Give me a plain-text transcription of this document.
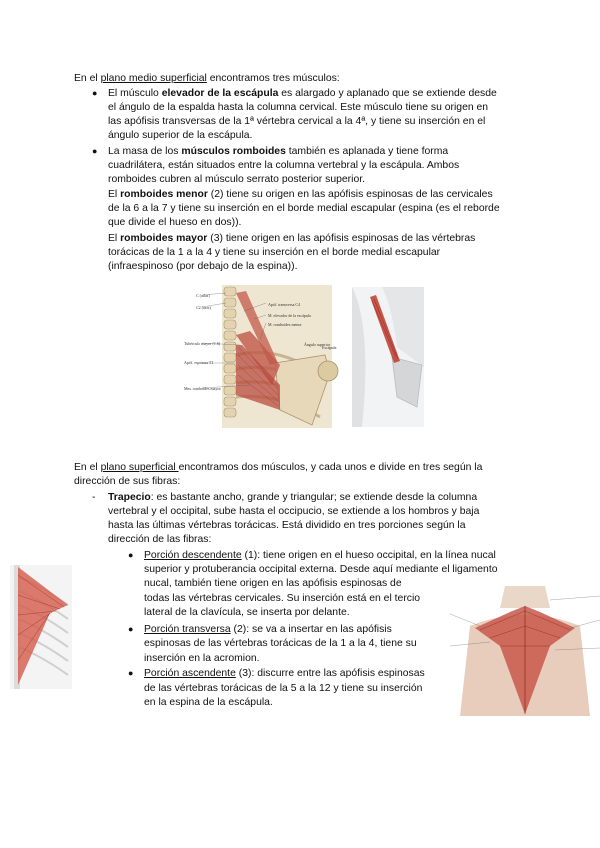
En el plano medio superficial encontramos tres músculos:
● El músculo elevador de la escápula es alargado y aplanado que se extiende desde
el ángulo de la espalda hasta la columna cervical. Este músculo tiene su origen en
las apófisis transversas de la 1ª vértebra cervical a la 4ª, y tiene su inserción en el
ángulo superior de la escápula.
● La masa de los músculos romboides también es aplanada y tiene forma
cuadrilátera, están situados entre la columna vertebral y la escápula. Ambos
romboides cubren al músculo serrato posterior superior.
El romboides menor (2) tiene su origen en las apófisis espinosas de las cervicales
de la 6 a la 7 y tiene su inserción en el borde medial escapular (espina (es el reborde
que divide el hueso en dos)).
El romboides mayor (3) tiene origen en las apófisis espinosas de las vértebras
torácicas de la 1 a la 4 y tiene su inserción en el borde medial escapular
(infraespinoso (por debajo de la espina)).
C (atlas)
C2 (axis)
Tubérculo mayor (1.6)
Apóf. espinosa T1
Mm. romboides mayor
Apóf. transversa C4
M. elevador de la escápula
M. romboides menor
Ángulo superior
Escápula
En el plano superficial encontramos dos músculos, y cada unos e divide en tres según la
dirección de sus fibras:
- Trapecio: es bastante ancho, grande y triangular; se extiende desde la columna
vertebral y el occipital, sube hasta el occipucio, se extiende a los hombros y baja
hasta las últimas vértebras torácicas. Está dividido en tres porciones según la
dirección de las fibras:
● Porción descendente (1): tiene origen en el hueso occipital, en la línea nucal
superior y protuberancia occipital externa. Desde aquí mediante el ligamento
nucal, también tiene origen en las apófisis espinosas de
todas las vértebras cervicales. Su inserción está en el tercio
lateral de la clavícula, se inserta por delante.
● Porción transversa (2): se va a insertar en las apófisis
espinosas de las vértebras torácicas de la 1 a la 4, tiene su
inserción en la acromion.
● Porción ascendente (3): discurre entre las apófisis espinosas
de las vértebras torácicas de la 5 a la 12 y tiene su inserción
en la espina de la escápula.
